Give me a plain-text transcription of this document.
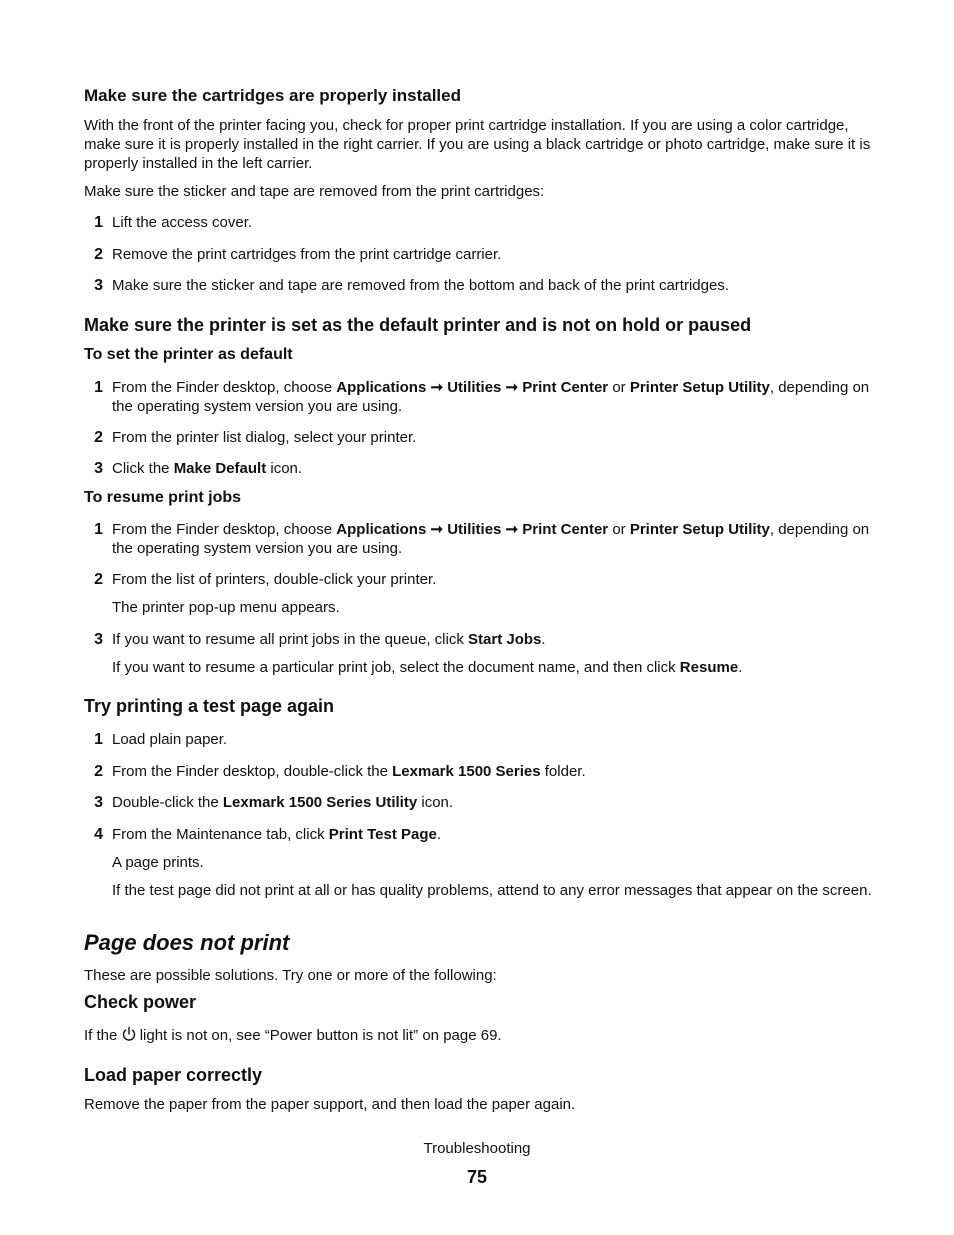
Make sure the cartridges are properly installed
With the front of the printer facing you, check for proper print cartridge installation. If you are using a color cartridge, make sure it is properly installed in the right carrier. If you are using a black cartridge or photo cartridge, make sure it is properly installed in the left carrier.
Make sure the sticker and tape are removed from the print cartridges:
1 Lift the access cover.
2 Remove the print cartridges from the print cartridge carrier.
3 Make sure the sticker and tape are removed from the bottom and back of the print cartridges.
Make sure the printer is set as the default printer and is not on hold or paused
To set the printer as default
1 From the Finder desktop, choose Applications ➞ Utilities ➞ Print Center or Printer Setup Utility, depending on the operating system version you are using.
2 From the printer list dialog, select your printer.
3 Click the Make Default icon.
To resume print jobs
1 From the Finder desktop, choose Applications ➞ Utilities ➞ Print Center or Printer Setup Utility, depending on the operating system version you are using.
2 From the list of printers, double-click your printer.
The printer pop-up menu appears.
3 If you want to resume all print jobs in the queue, click Start Jobs.
If you want to resume a particular print job, select the document name, and then click Resume.
Try printing a test page again
1 Load plain paper.
2 From the Finder desktop, double-click the Lexmark 1500 Series folder.
3 Double-click the Lexmark 1500 Series Utility icon.
4 From the Maintenance tab, click Print Test Page.
A page prints.
If the test page did not print at all or has quality problems, attend to any error messages that appear on the screen.
Page does not print
These are possible solutions. Try one or more of the following:
Check power
If the  light is not on, see “Power button is not lit” on page 69.
Load paper correctly
Remove the paper from the paper support, and then load the paper again.
Troubleshooting
75
